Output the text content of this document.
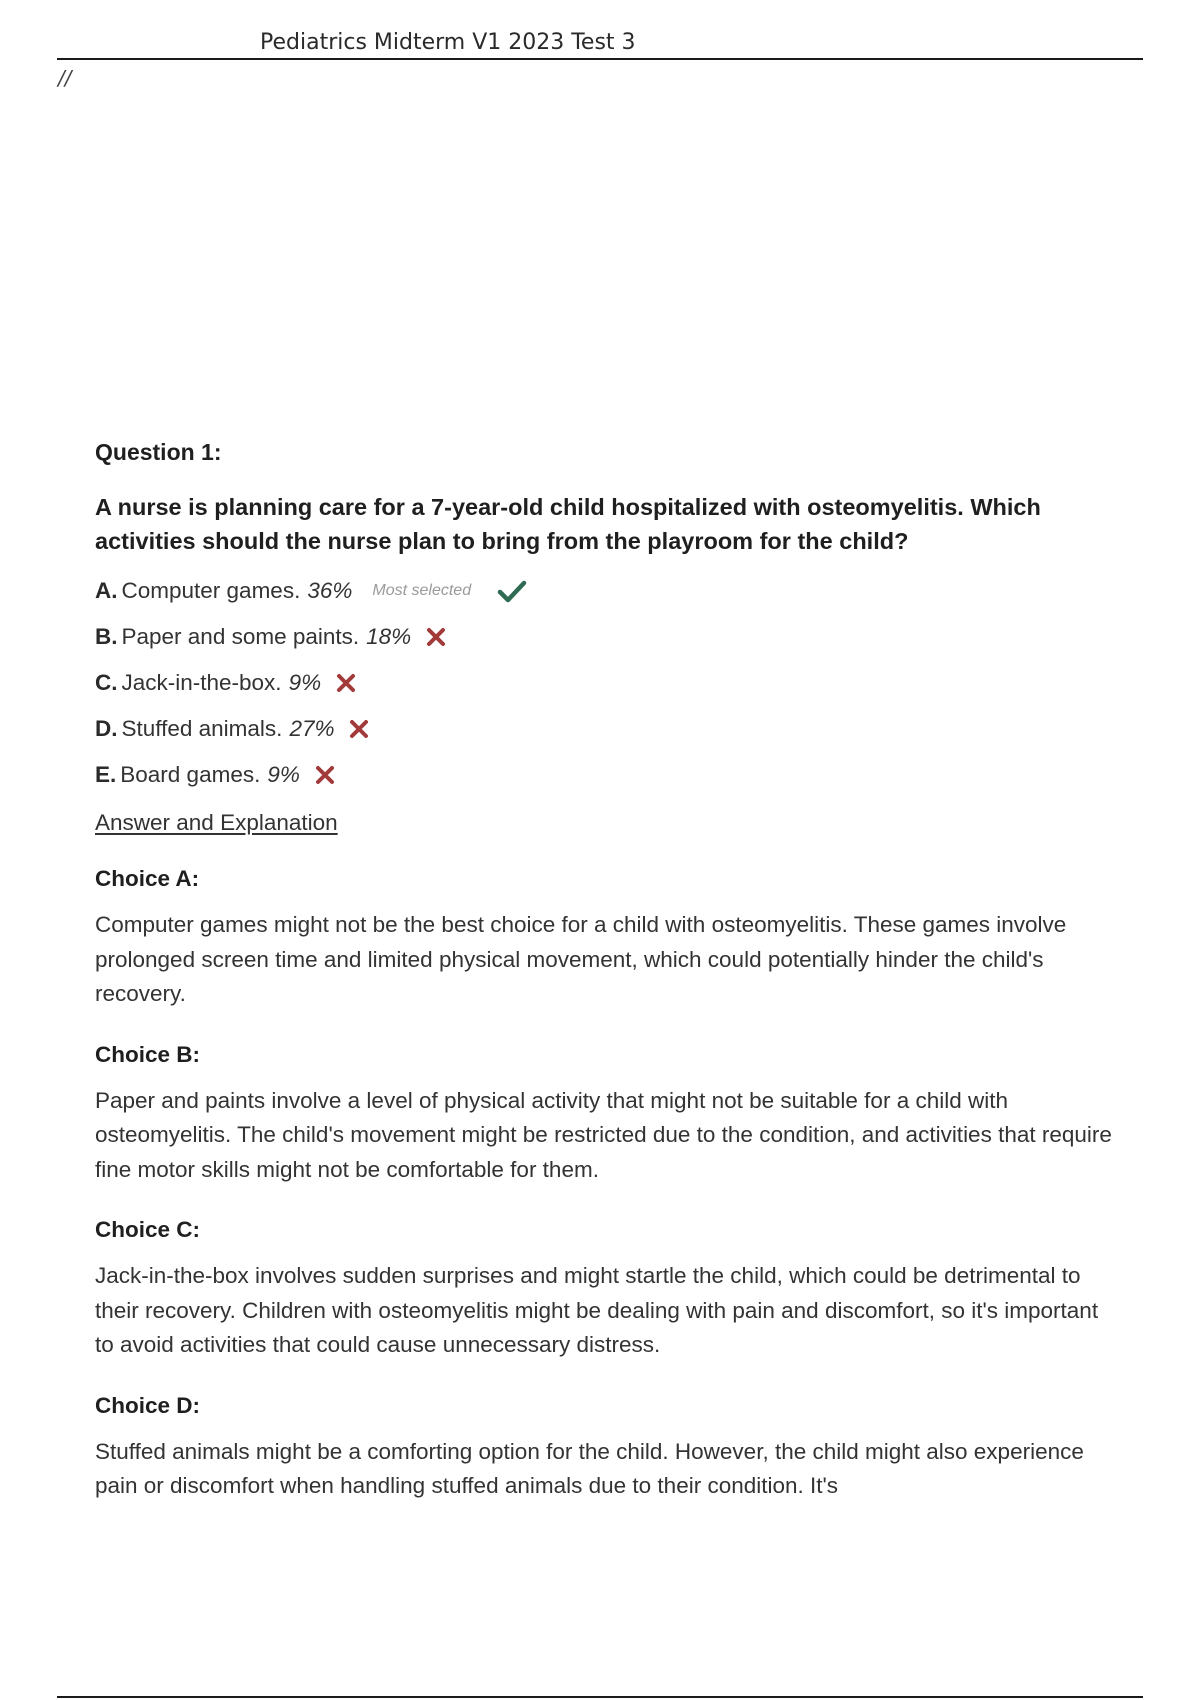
Pediatrics Midterm V1 2023 Test 3
//
Question 1:
A nurse is planning care for a 7-year-old child hospitalized with osteomyelitis. Which activities should the nurse plan to bring from the playroom for the child?
A. Computer games. 36% Most selected
B. Paper and some paints. 18%
C. Jack-in-the-box. 9%
D. Stuffed animals. 27%
E. Board games. 9%
Answer and Explanation
Choice A:

Computer games might not be the best choice for a child with osteomyelitis. These games involve prolonged screen time and limited physical movement, which could potentially hinder the child's recovery.

Choice B:

Paper and paints involve a level of physical activity that might not be suitable for a child with osteomyelitis. The child's movement might be restricted due to the condition, and activities that require fine motor skills might not be comfortable for them.

Choice C:

Jack-in-the-box involves sudden surprises and might startle the child, which could be detrimental to their recovery. Children with osteomyelitis might be dealing with pain and discomfort, so it's important to avoid activities that could cause unnecessary distress.

Choice D:

Stuffed animals might be a comforting option for the child. However, the child might also experience pain or discomfort when handling stuffed animals due to their condition. It's
